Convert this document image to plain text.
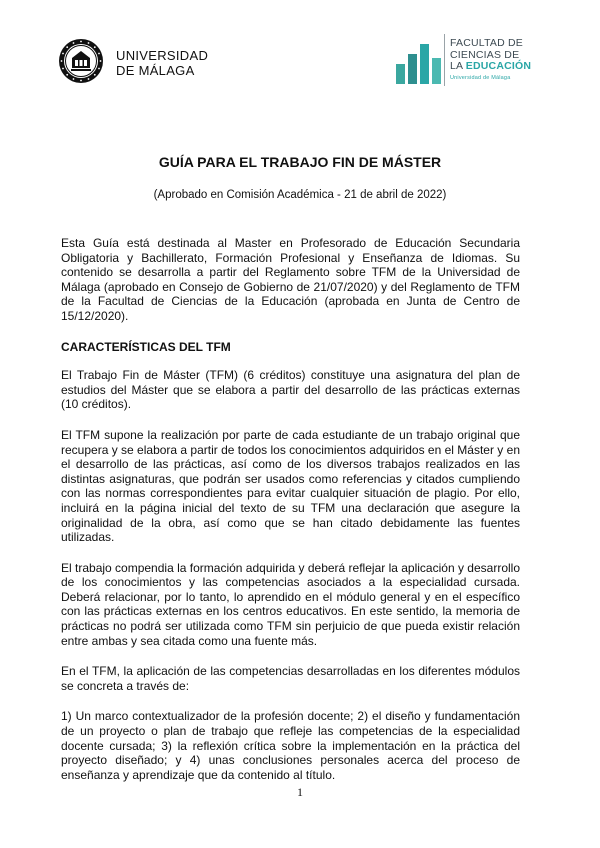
UNIVERSIDAD
DE MÁLAGA
FACULTAD DE
CIENCIAS DE
LA EDUCACIÓN
Universidad de Málaga
GUÍA PARA EL TRABAJO FIN DE MÁSTER
(Aprobado en Comisión Académica - 21 de abril de 2022)

Esta Guía está destinada al Master en Profesorado de Educación Secundaria Obligatoria y Bachillerato, Formación Profesional y Enseñanza de Idiomas. Su contenido se desarrolla a partir del Reglamento sobre TFM de la Universidad de Málaga (aprobado en Consejo de Gobierno de 21/07/2020) y del Reglamento de TFM de la Facultad de Ciencias de la Educación (aprobada en Junta de Centro de 15/12/2020).

CARACTERÍSTICAS DEL TFM

El Trabajo Fin de Máster (TFM) (6 créditos) constituye una asignatura del plan de estudios del Máster que se elabora a partir del desarrollo de las prácticas externas (10 créditos).

El TFM supone la realización por parte de cada estudiante de un trabajo original que recupera y se elabora a partir de todos los conocimientos adquiridos en el Máster y en el desarrollo de las prácticas, así como de los diversos trabajos realizados en las distintas asignaturas, que podrán ser usados como referencias y citados cumpliendo con las normas correspondientes para evitar cualquier situación de plagio. Por ello, incluirá en la página inicial del texto de su TFM una declaración que asegure la originalidad de la obra, así como que se han citado debidamente las fuentes utilizadas.

El trabajo compendia la formación adquirida y deberá reflejar la aplicación y desarrollo de los conocimientos y las competencias asociados a la especialidad cursada. Deberá relacionar, por lo tanto, lo aprendido en el módulo general y en el específico con las prácticas externas en los centros educativos. En este sentido, la memoria de prácticas no podrá ser utilizada como TFM sin perjuicio de que pueda existir relación entre ambas y sea citada como una fuente más.

En el TFM, la aplicación de las competencias desarrolladas en los diferentes módulos se concreta a través de:

1) Un marco contextualizador de la profesión docente; 2) el diseño y fundamentación de un proyecto o plan de trabajo que refleje las competencias de la especialidad docente cursada; 3) la reflexión crítica sobre la implementación en la práctica del proyecto diseñado; y 4) unas conclusiones personales acerca del proceso de enseñanza y aprendizaje que da contenido al título.

1
